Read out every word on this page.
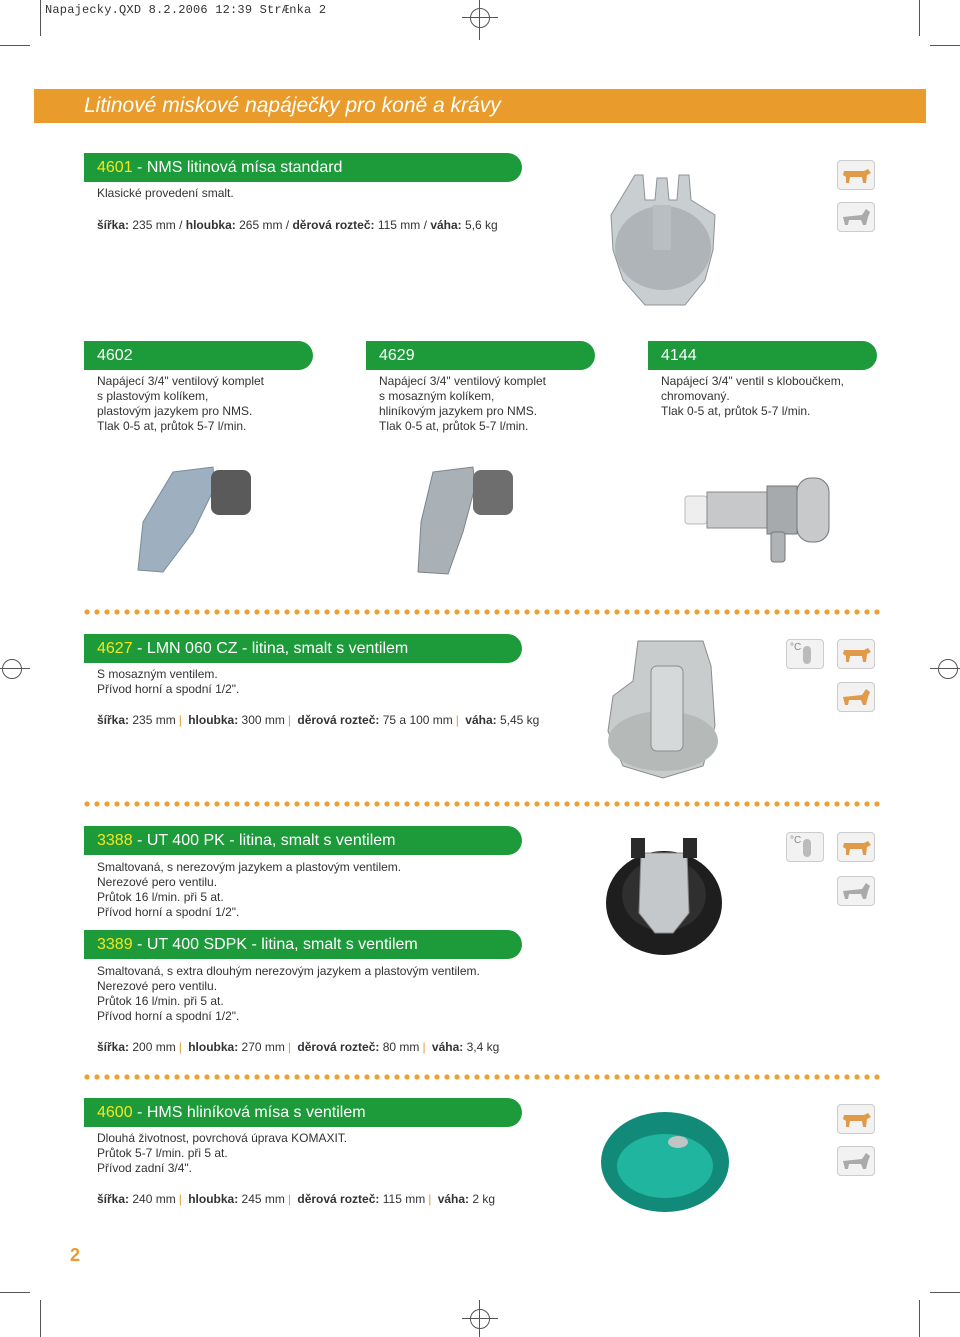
Napajecky.QXD 8.2.2006 12:39 StrÆnka 2
Litinové miskové napáječky pro koně a krávy
4601 - NMS litinová mísa standard
Klasické provedení smalt.
šířka: 235 mm / hloubka: 265 mm / děrová rozteč: 115 mm / váha: 5,6 kg
4602
Napájecí 3/4" ventilový komplet
s plastovým kolíkem,
plastovým jazykem pro NMS.
Tlak 0-5 at, průtok 5-7 l/min.
4629
Napájecí 3/4" ventilový komplet
s mosazným kolíkem,
hliníkovým jazykem pro NMS.
Tlak 0-5 at, průtok 5-7 l/min.
4144
Napájecí 3/4" ventil s kloboučkem,
chromovaný.
Tlak 0-5 at, průtok 5-7 l/min.
4627 - LMN 060 CZ - litina, smalt s ventilem
S mosazným ventilem.
Přívod horní a spodní 1/2".
šířka: 235 mm | hloubka: 300 mm | děrová rozteč: 75 a 100 mm | váha: 5,45 kg
°C
3388 - UT 400 PK - litina, smalt s ventilem
Smaltovaná, s nerezovým jazykem a plastovým ventilem.
Nerezové pero ventilu.
Průtok 16 l/min. při 5 at.
Přívod horní a spodní 1/2".
3389 - UT 400 SDPK - litina, smalt s ventilem
Smaltovaná, s extra dlouhým nerezovým jazykem a plastovým ventilem.
Nerezové pero ventilu.
Průtok 16 l/min. při 5 at.
Přívod horní a spodní 1/2".
šířka: 200 mm | hloubka: 270 mm | děrová rozteč: 80 mm | váha: 3,4 kg
°C
4600 - HMS hliníková mísa s ventilem
Dlouhá životnost, povrchová úprava KOMAXIT.
Průtok 5-7 l/min. při 5 at.
Přívod zadní 3/4".
šířka: 240 mm | hloubka: 245 mm | děrová rozteč: 115 mm | váha: 2 kg
2
